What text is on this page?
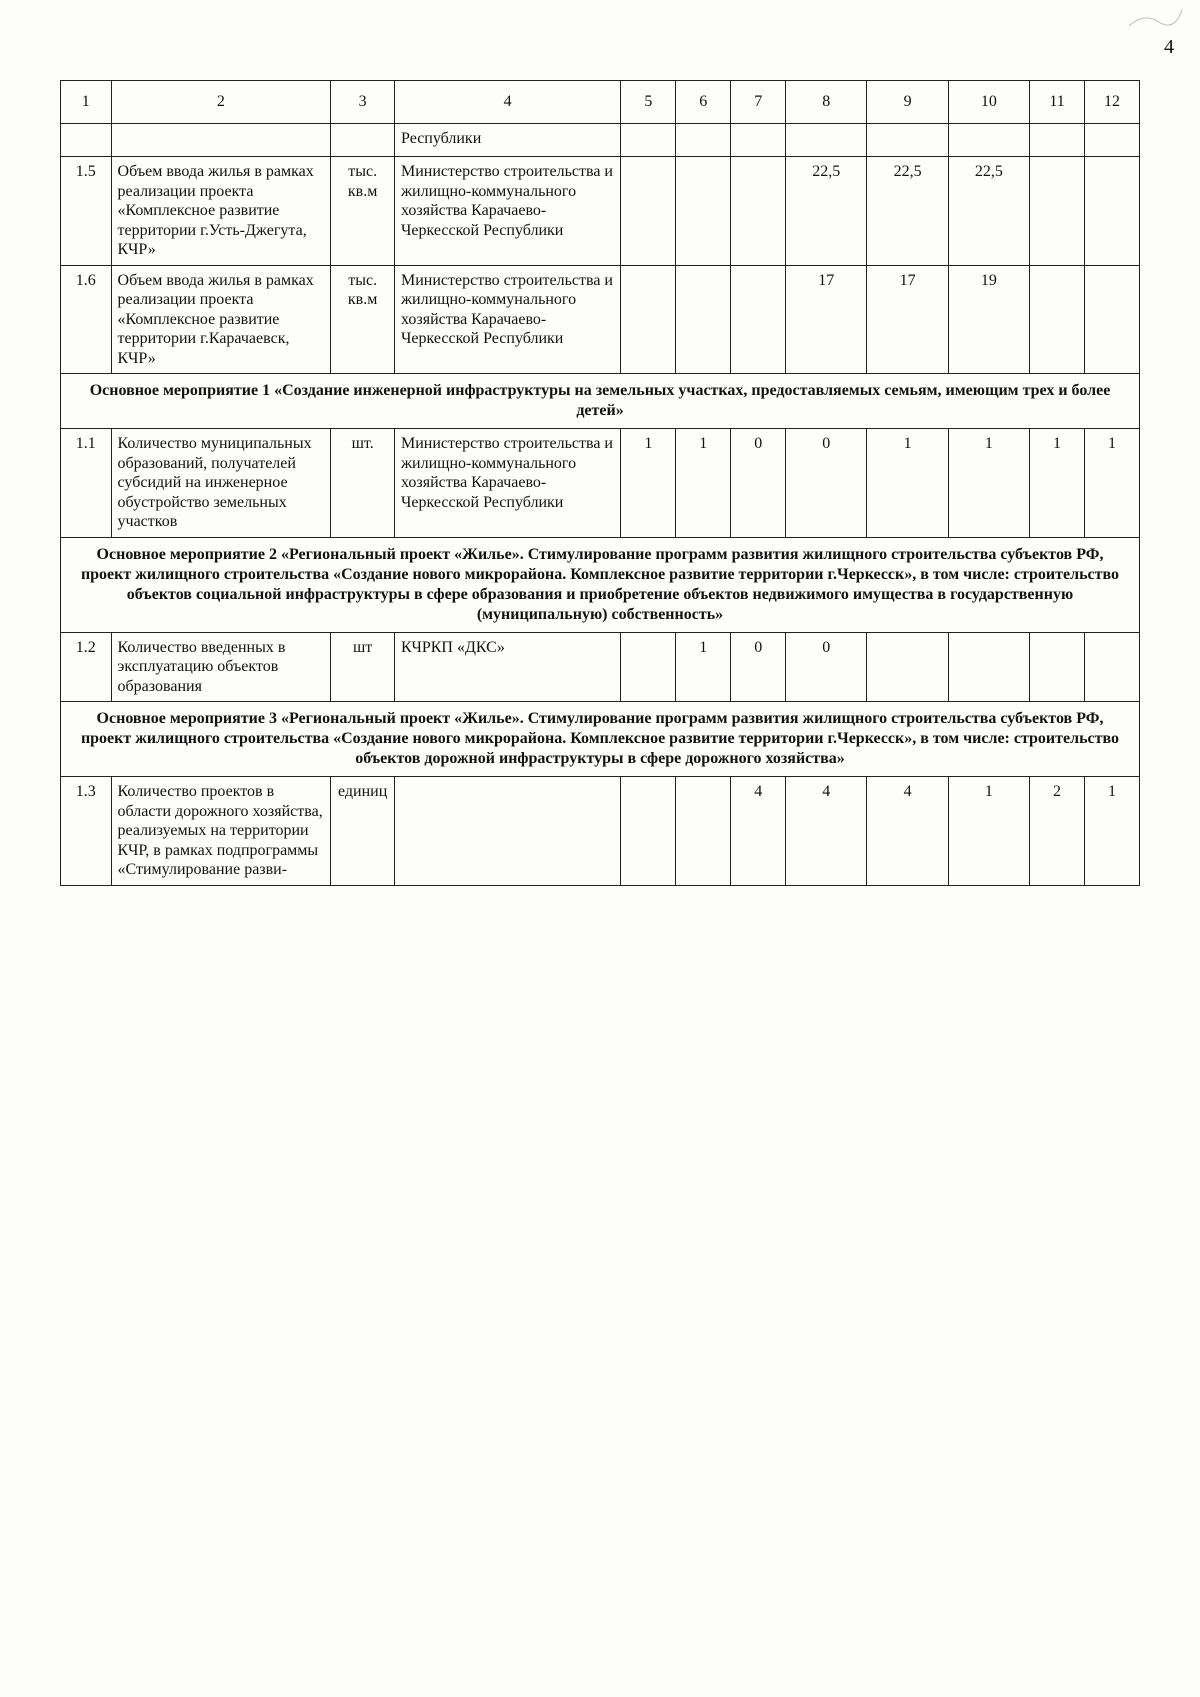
4
1	2	3	4	5	6	7	8	9	10	11	12
			Республики								
1.5	Объем ввода жилья в рамках реализации проекта «Комплексное развитие территории г.Усть-Джегута, КЧР»	тыс. кв.м	Министерство строительства и жилищно-коммунального хозяйства Карачаево-Черкесской Республики				22,5	22,5	22,5		
1.6	Объем ввода жилья в рамках реализации проекта «Комплексное развитие территории г.Карачаевск, КЧР»	тыс. кв.м	Министерство строительства и жилищно-коммунального хозяйства Карачаево-Черкесской Республики				17	17	19		
Основное мероприятие 1 «Создание инженерной инфраструктуры на земельных участках, предоставляемых семьям, имеющим трех и более детей»											
1.1	Количество муниципальных образований, получателей субсидий на инженерное обустройство земельных участков	шт.	Министерство строительства и жилищно-коммунального хозяйства Карачаево-Черкесской Республики	1	1	0	0	1	1	1	1
Основное мероприятие 2 «Региональный проект «Жилье». Стимулирование программ развития жилищного строительства субъектов РФ, проект жилищного строительства «Создание нового микрорайона. Комплексное развитие территории г.Черкесск», в том числе: строительство объектов социальной инфраструктуры в сфере образования и приобретение объектов недвижимого имущества в государственную (муниципальную) собственность»											
1.2	Количество введенных в эксплуатацию объектов образования	шт	КЧРКП «ДКС»		1	0	0				
Основное мероприятие 3 «Региональный проект «Жилье». Стимулирование программ развития жилищного строительства субъектов РФ, проект жилищного строительства «Создание нового микрорайона. Комплексное развитие территории г.Черкесск», в том числе: строительство объектов дорожной инфраструктуры в сфере дорожного хозяйства»											
1.3	Количество проектов в области дорожного хозяйства, реализуемых на территории КЧР, в рамках подпрограммы «Стимулирование разви-	единиц				4	4	4	1	2	1
